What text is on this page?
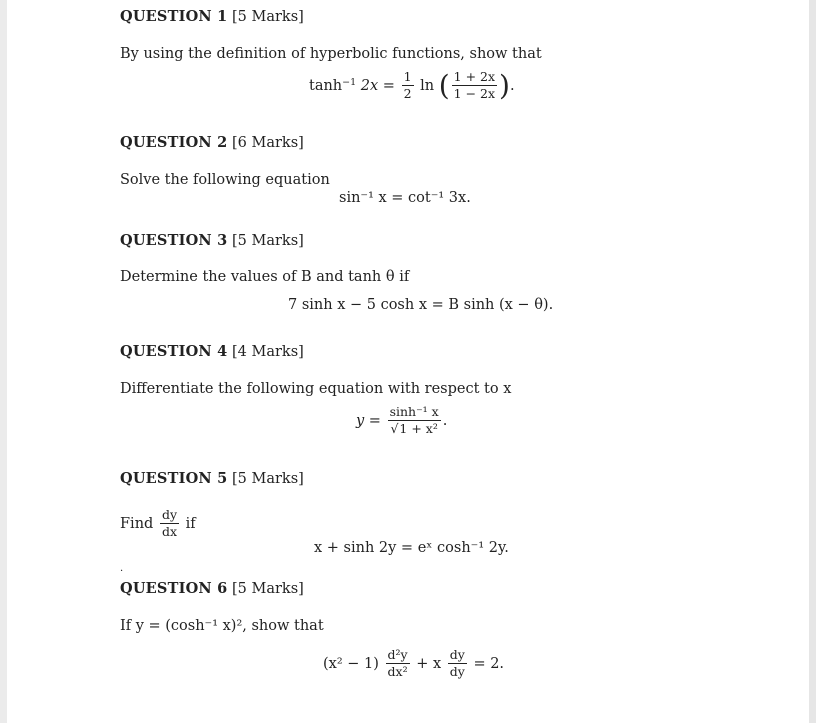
QUESTION 1 [5 Marks]
By using the definition of hyperbolic functions, show that
$\tanh^{-1} 2x = \frac{1}{2}$ ln ( $\frac{1 + 2x}{1 - 2x}$ ).
QUESTION 2 [6 Marks]
Solve the following equation
sin⁻¹ x = cot⁻¹ 3x.
QUESTION 3 [5 Marks]
Determine the values of B and tanh θ if
7 sinh x − 5 cosh x = B sinh (x − θ).
QUESTION 4 [4 Marks]
Differentiate the following equation with respect to x
$y = \frac{\text{sinh⁻¹ x}}{\text{√1 + x²}}$ .
QUESTION 5 [5 Marks]
Find $\frac{dy}{dx}$ if
x + sinh 2y = eˣ cosh⁻¹ 2y.
·
QUESTION 6 [5 Marks]
If y = (cosh⁻¹ x)², show that
$(x^2 - 1) \frac{\text{d²y}}{\text{dx²}} + x \frac{dy}{dy} = 2$.
